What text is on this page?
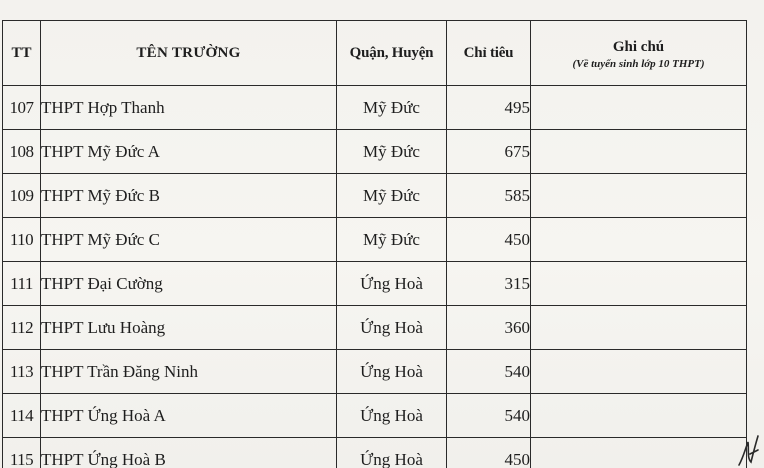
TT	TÊN TRƯỜNG	Quận, Huyện	Chỉ tiêu	Ghi chú
(Về tuyển sinh lớp 10 THPT)

107	THPT Hợp Thanh	Mỹ Đức	495	
108	THPT Mỹ Đức A	Mỹ Đức	675	
109	THPT Mỹ Đức B	Mỹ Đức	585	
110	THPT Mỹ Đức C	Mỹ Đức	450	
111	THPT Đại Cường	Ứng Hoà	315	
112	THPT Lưu Hoàng	Ứng Hoà	360	
113	THPT Trần Đăng Ninh	Ứng Hoà	540	
114	THPT Ứng Hoà A	Ứng Hoà	540	
115	THPT Ứng Hoà B	Ứng Hoà	450	
